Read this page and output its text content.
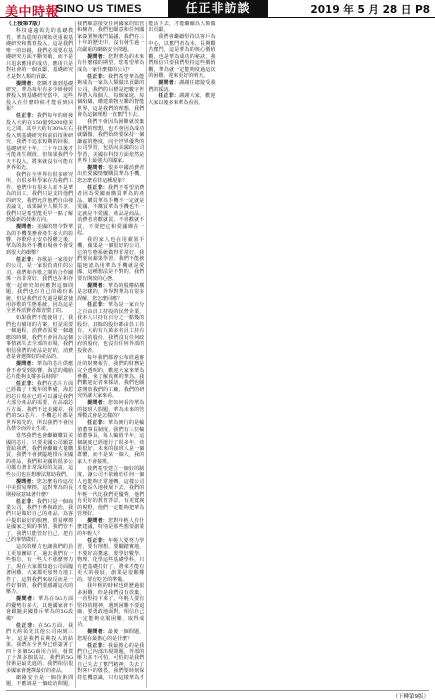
美中時報
SINO US TIMES	任正非訪談	2019 年 5 月 28 日 P8
（上接第7版）
科技遠遠領先的基礎教育。華為從現在開始更重視基礎研究和教育投入，這是我們唯一的出路，我們必須要在基礎研究方面不斷突破，而不是只追求應用的成功，應用只是對社會的一個貢獻，基礎研究才是對人類的貢獻。
提問者：您剛才談到基礎研究，華為每年有多少研發經費投入到基礎研究當中，這些投入在什麼時候才能看到回報？
任正非：我們每年的研發投入大約在150億到200億美元之間，其中大約有30%左右投入到基礎研究和前沿技術研究，我們不追求短期的回報，基礎研究十年、二十年以後才可能產生價值，但如果我們今天不投入，將來就沒有可能在世界領先。
我們在全世界有很多研究所，有很多科學家在為我們工作，他們中有很多人並不是華為的員工，我們只是支持他們的研究，我們允許他們自由發表論文，成果歸全人類共享，我們只是希望能更早一點了解到最新的技術方向。
提問者：美國的禁令對華為的手機業務會產生多大的影響，谷歌停止安卓授權之後，華為的海外手機市場會不會受到很大的衝擊？
任正非：谷歌是一家很好的公司，是一家很負責任的公司，我們和谷歌之間的合作關係一直非常好，我們也在和谷歌一起研究如何應對這個問題，我們也有自己的備份系統，但是我們首先還是願意使用谷歌的生態系統，因為這是全世界消費者都習慣了的。
如果我們不能使用了，我們也有備用的方案，但是需要一個過程，消費者需要一個適應的時間，我們不會因為這個事情就失去全部的市場，我們相信我們的產品是好的，消費者是會選擇好的產品的。
提問者：華為的芯片供應會不會受到影響，海思的備胎芯片能夠支撐多長時間？
任正非：我們在芯片方面已經做了十幾年的準備，海思的芯片現在已經可以滿足我們大部分產品的需要，在高端芯片方面，我們不比美國差，我們的5G芯片、手機芯片都是世界領先的，所以我們不會因為禁令而停止生產。
當然我們也會繼續購買美國的芯片，只要美國公司願意賣給我們，我們會繼續大量購買，我們不會狹隘地排斥美國的產品，我們和美國的很多公司都有著非常深厚的友誼，這些公司也在想辦法幫助我們。
提問者：您怎麼看待這次中美貿易摩擦，這對華為的長期發展意味著什麼？
任正非：我們只是一個商業公司，我們不參與政治，我們只是做好自己的產品，為客戶提供最好的服務，貿易摩擦是國家之間的事情，我們管不了，我們只能管好自己，把自己的事情做好。
這次的壓力也讓我們的員工更加團結了，過去我們有一些惰怠，有一些人不那麼努力了，現在大家都知道公司面臨著困難，大家都更加努力地工作了，這對我們來說反而是一件好事情，我們要感謝這次的壓力。
提問者：華為在5G方面的優勢有多大，其他國家會不會跟隨美國排斥華為的5G設備？
任正非：在5G方面，我們大約領先其他公司兩到三年，這是我們長期投入的結果，我們在全世界已經簽署了四十多個5G商用合同，發貨了十萬多個基站，我們的5G技術是最先進的，我們相信很多國家會選擇最好的產品。
網絡安全是一個技術問題，不應該是一個政治問題，我們願意接受任何國家的監管和檢查，我們也願意和任何國家簽署無後門協議，我們在三十年的歷史中，沒有發生過一次嚴重的網絡安全問題。
提問者：您對華為的未來有什麼樣的期望，您希望華為成為一家什麼樣的公司？
任正非：我們希望華為能夠成為一家為人類做出貢獻的公司，我們的目標是把數字世界帶入每個人、每個家庭、每個組織，構建萬物互聯的智能世界，這是我們的理想，我們會為這個理想一直奮鬥下去。
我們不會因為困難就放棄我們的理想，也不會因為成功就驕傲，我們始終要保持一個謙虛的態度，向全世界優秀的公司學習，包括向美國的公司學習，美國在科技方面依然是世界上最強大的國家。
提問者：很多中國消費者出於愛國情懷購買華為手機，您怎麼看待這種現象？
任正非：我們不希望消費者因為愛國而購買華為的產品，購買華為手機不一定就是愛國，不購買華為手機也不一定就是不愛國，產品是商品，消費者喜歡就買，不喜歡就不買，不要把它和愛國綁在一起。
我的家人也在用蘋果手機，蘋果是一個很好的公司，它的生態系統做得非常好，我們要向蘋果學習，我們不能狹隘地認為用華為手機就是愛國，這種想法是不對的，我們要有開放的心態。
提問者：華為的股權結構是怎樣的，外界對華為有很多誤解，您怎麼回應？
任正非：華為是一家百分之百由員工持股的民營企業，我本人只持有百分之一點幾的股份，其餘的股份都由員工持有，大約有九萬多名員工持有公司的股份，我們沒有任何政府的股份，也沒有任何外部的投資者。
每年我們都會公布經過審計的財務報告，我們的財務是完全透明的，歡迎大家來華為參觀，來了解真實的華為，我們歡迎記者來採訪，我們也願意開放我們的工廠、我們的研究所讓大家來看。
提問者：您如何看待華為的接班人問題，華為未來的管理模式會是怎樣的？
任正非：華為實行的是輪值董事長制度，我們有三位輪值董事長，每人輪值半年，這個制度已經運行了很多年，效果很好，未來的接班人是一個群體，而不是某一個人，我的家人不會接班。
我們希望建立一個好的制度，讓公司不依賴於任何一個人也能夠正常運轉，這樣公司才能長久地發展下去，我們的年輕一代比我們更優秀，他們有更好的教育背景，有更寬廣的視野，他們一定能夠把華為管理好。
提問者：您對年輕人有什麼建議，特別是那些想要創業的年輕人？
任正非：年輕人要努力學習，要有理想，要腳踏實地，不要好高騖遠，要學好數學、物理、化學這些基礎學科，只有把基礎打好了，將來才能有更大的發展，創業是很艱難的，要有吃苦的準備。
我年輕的時候也經歷過很多困難，但是我們沒有放棄，一直堅持下來了，年輕人要有堅持的精神，遇到困難不要退縮，要勇敢地面對，相信自己一定能夠克服困難，取得成功。
提問者：最後一個問題，您現在最擔心的是什麼？
任正非：我最擔心的是我們自己內部出現問題，外部的壓力並不可怕，可怕的是我們自己失去了奮鬥精神，失去了對客戶的敬畏，我們要時刻保持危機意識，只有這樣華為才能活下去，才能繼續為人類做出貢獻。
我們會繼續堅持以客戶為中心，以奮鬥者為本，長期艱苦奮鬥，這是華為的核心價值觀，也是華為成功的秘訣，我們相信只要我們堅持這些價值觀，華為就一定能夠度過這次的困難，迎來更好的明天。
提問者：謝謝任總接受我們的採訪。
任正非：謝謝大家，歡迎大家以後多來華為看看。
（下轉第9版）
